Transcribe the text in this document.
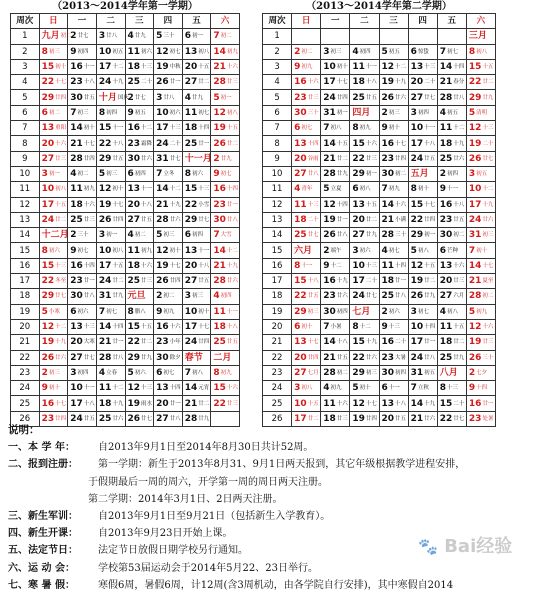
（2013～2014学年第一学期）
周次	日	一	二	三	四	五	六
1	九月$^{初二}$	$2^{廿七}$	$3^{廿八}$	$4^{廿九}$	$5^{三十}$	$6^{初一}$	$7^{初二}$
2	$8^{初三}$	$9^{初四}$	$10^{初五}$	$11^{初六}$	$12^{初七}$	$13^{初八}$	$14^{初九}$
3	$15^{初十}$	$16^{十一}$	$17^{十二}$	$18^{十三}$	$19^{中秋}$	$20^{十五}$	$21^{十六}$
4	$22^{十七}$	$23^{十八}$	$24^{十九}$	$25^{二十}$	$26^{廿一}$	$27^{廿二}$	$28^{廿三}$
5	$29^{廿四}$	$30^{廿五}$	十月$^{国庆}$	$2^{廿七}$	$3^{廿八}$	$4^{廿九}$	$5^{初一}$
6	$6^{初二}$	$7^{初三}$	$8^{初四}$	$9^{初五}$	$10^{初六}$	$11^{初七}$	$12^{初八}$
7	$13^{重阳}$	$14^{初十}$	$15^{十一}$	$16^{十二}$	$17^{十三}$	$18^{十四}$	$19^{十五}$
8	$20^{十六}$	$21^{十七}$	$22^{十八}$	$23^{霜降}$	$24^{二十}$	$25^{廿一}$	$26^{廿二}$
9	$27^{廿三}$	$28^{廿四}$	$29^{廿五}$	$30^{廿六}$	$31^{廿七}$	十一月	$2^{廿九}$
10	$3^{初一}$	$4^{初二}$	$5^{初三}$	$6^{初四}$	$7^{立冬}$	$8^{初六}$	$9^{初七}$
11	$10^{初八}$	$11^{初九}$	$12^{初十}$	$13^{十一}$	$14^{十二}$	$15^{十三}$	$16^{十四}$
12	$17^{十五}$	$18^{十六}$	$19^{十七}$	$20^{十八}$	$21^{十九}$	$22^{小雪}$	$23^{廿一}$
13	$24^{廿二}$	$25^{廿三}$	$26^{廿四}$	$27^{廿五}$	$28^{廿六}$	$29^{廿七}$	$30^{廿八}$
14	十二月	$2^{三十}$	$3^{初一}$	$4^{初二}$	$5^{初三}$	$6^{初四}$	$7^{大雪}$
15	$8^{初六}$	$9^{初七}$	$10^{初八}$	$11^{初九}$	$12^{初十}$	$13^{十一}$	$14^{十二}$
16	$15^{十三}$	$16^{十四}$	$17^{十五}$	$18^{十六}$	$19^{十七}$	$20^{十八}$	$21^{十九}$
17	$22^{冬至}$	$23^{廿一}$	$24^{廿二}$	$25^{廿三}$	$26^{廿四}$	$27^{廿五}$	$28^{廿六}$
18	$29^{廿七}$	$30^{廿八}$	$31^{廿九}$	元旦	$2^{初二}$	$3^{初三}$	$4^{初四}$
19	$5^{小寒}$	$6^{初六}$	$7^{初七}$	$8^{腊八}$	$9^{初九}$	$10^{初十}$	$11^{十一}$
20	$12^{十二}$	$13^{十三}$	$14^{十四}$	$15^{十五}$	$16^{十六}$	$17^{十七}$	$18^{十八}$
21	$19^{十九}$	$20^{大寒}$	$21^{廿一}$	$22^{廿二}$	$23^{小年}$	$24^{廿四}$	$25^{廿五}$
22	$26^{廿六}$	$27^{廿七}$	$28^{廿八}$	$29^{廿九}$	$30^{除夕}$	春节	二月
23	$2^{初三}$	$3^{初四}$	$4^{立春}$	$5^{初六}$	$6^{初七}$	$7^{初八}$	$8^{初九}$
24	$9^{初十}$	$10^{十一}$	$11^{十二}$	$12^{十三}$	$13^{十四}$	$14^{元宵}$	$15^{十六}$
25	$16^{十七}$	$17^{十八}$	$18^{十九}$	$19^{雨水}$	$20^{廿一}$	$21^{廿二}$	$22^{廿三}$
26	$23^{廿四}$	$24^{廿五}$	$25^{廿六}$	$26^{廿七}$	$27^{廿八}$	$28^{廿九}$	
（2013～2014学年第二学期）
周次	日	一	二	三	四	五	六
1							三月
2	$2^{初二}$	$3^{初三}$	$4^{初四}$	$5^{初五}$	$6^{惊蛰}$	$7^{初七}$	$8^{初八}$
3	$9^{初九}$	$10^{初十}$	$11^{十一}$	$12^{十二}$	$13^{十三}$	$14^{十四}$	$15^{十五}$
4	$16^{十六}$	$17^{十七}$	$18^{十八}$	$19^{十九}$	$20^{二十}$	$21^{春分}$	$22^{廿二}$
5	$23^{廿三}$	$24^{廿四}$	$25^{廿五}$	$26^{廿六}$	$27^{廿七}$	$28^{廿八}$	$29^{廿九}$
6	$30^{三十}$	$31^{初一}$	四月	$2^{初三}$	$3^{初四}$	$4^{初五}$	$5^{清明}$
7	$6^{初七}$	$7^{初八}$	$8^{初九}$	$9^{初十}$	$10^{十一}$	$11^{十二}$	$12^{十三}$
8	$13^{十四}$	$14^{十五}$	$15^{十六}$	$16^{十七}$	$17^{十八}$	$18^{十九}$	$19^{二十}$
9	$20^{谷雨}$	$21^{廿二}$	$22^{廿三}$	$23^{廿四}$	$24^{廿五}$	$25^{廿六}$	$26^{廿七}$
10	$27^{廿八}$	$28^{廿九}$	$29^{初一}$	$30^{初二}$	五月	$2^{初四}$	$3^{初五}$
11	$4^{青年}$	$5^{立夏}$	$6^{初八}$	$7^{初九}$	$8^{初十}$	$9^{十一}$	$10^{十二}$
12	$11^{十三}$	$12^{十四}$	$13^{十五}$	$14^{十六}$	$15^{十七}$	$16^{十八}$	$17^{十九}$
13	$18^{二十}$	$19^{廿一}$	$20^{廿二}$	$21^{小满}$	$22^{廿四}$	$23^{廿五}$	$24^{廿六}$
14	$25^{廿七}$	$26^{廿八}$	$27^{廿九}$	$28^{三十}$	$29^{初一}$	$30^{初二}$	$31^{初三}$
15	六月	$2^{端午}$	$3^{初六}$	$4^{初七}$	$5^{初八}$	$6^{芒种}$	$7^{初十}$
16	$8^{十一}$	$9^{十二}$	$10^{十三}$	$11^{十四}$	$12^{十五}$	$13^{十六}$	$14^{十七}$
17	$15^{十八}$	$16^{十九}$	$17^{二十}$	$18^{廿一}$	$19^{廿二}$	$20^{廿三}$	$21^{夏至}$
18	$22^{廿五}$	$23^{廿六}$	$24^{廿七}$	$25^{廿八}$	$26^{廿九}$	$27^{六月}$	$28^{初二}$
19	$29^{初三}$	$30^{初四}$	七月	$2^{初六}$	$3^{初七}$	$4^{初八}$	$5^{初九}$
20	$6^{初十}$	$7^{小暑}$	$8^{十二}$	$9^{十三}$	$10^{十四}$	$11^{十五}$	$12^{十六}$
21	$13^{十七}$	$14^{十八}$	$15^{十九}$	$16^{二十}$	$17^{廿一}$	$18^{廿二}$	$19^{廿三}$
22	$20^{廿四}$	$21^{廿五}$	$22^{廿六}$	$23^{大暑}$	$24^{廿八}$	$25^{廿九}$	$26^{三十}$
23	$27^{七月}$	$28^{初二}$	$29^{初三}$	$30^{初四}$	$31^{初五}$	八月	$2^{七夕}$
24	$3^{初八}$	$4^{初九}$	$5^{初十}$	$6^{十一}$	$7^{立秋}$	$8^{十三}$	$9^{十四}$
25	$10^{十五}$	$11^{十六}$	$12^{十七}$	$13^{十八}$	$14^{十九}$	$15^{二十}$	$16^{廿一}$
26	$17^{廿二}$	$18^{廿三}$	$19^{廿四}$	$20^{廿五}$	$21^{廿六}$	$22^{廿七}$	$23^{处暑}$
说明：
一、本 学 年：	自2013年9月1日至2014年8月30日共计52周。
二、报到注册：	第一学期：新生于2013年8月31、9月1日两天报到，其它年级根据教学进程安排，
于假期最后一周的周六，开学第一周的周日两天注册。
第二学期：2014年3月1日、2日两天注册。
三、新生军训：	自2013年9月1日至9月21日（包括新生入学教育）。
四、新生开课：	自2013年9月23日开始上课。
五、法定节日：	法定节日放假日期学校另行通知。
六、运 动 会：	学校第53届运动会于2014年5月22、23日举行。
七、寒 暑 假：	寒假6周，暑假6周，计12周(含3周机动，由各学院自行安排)，其中寒假自2014
🐾 Bai经验
